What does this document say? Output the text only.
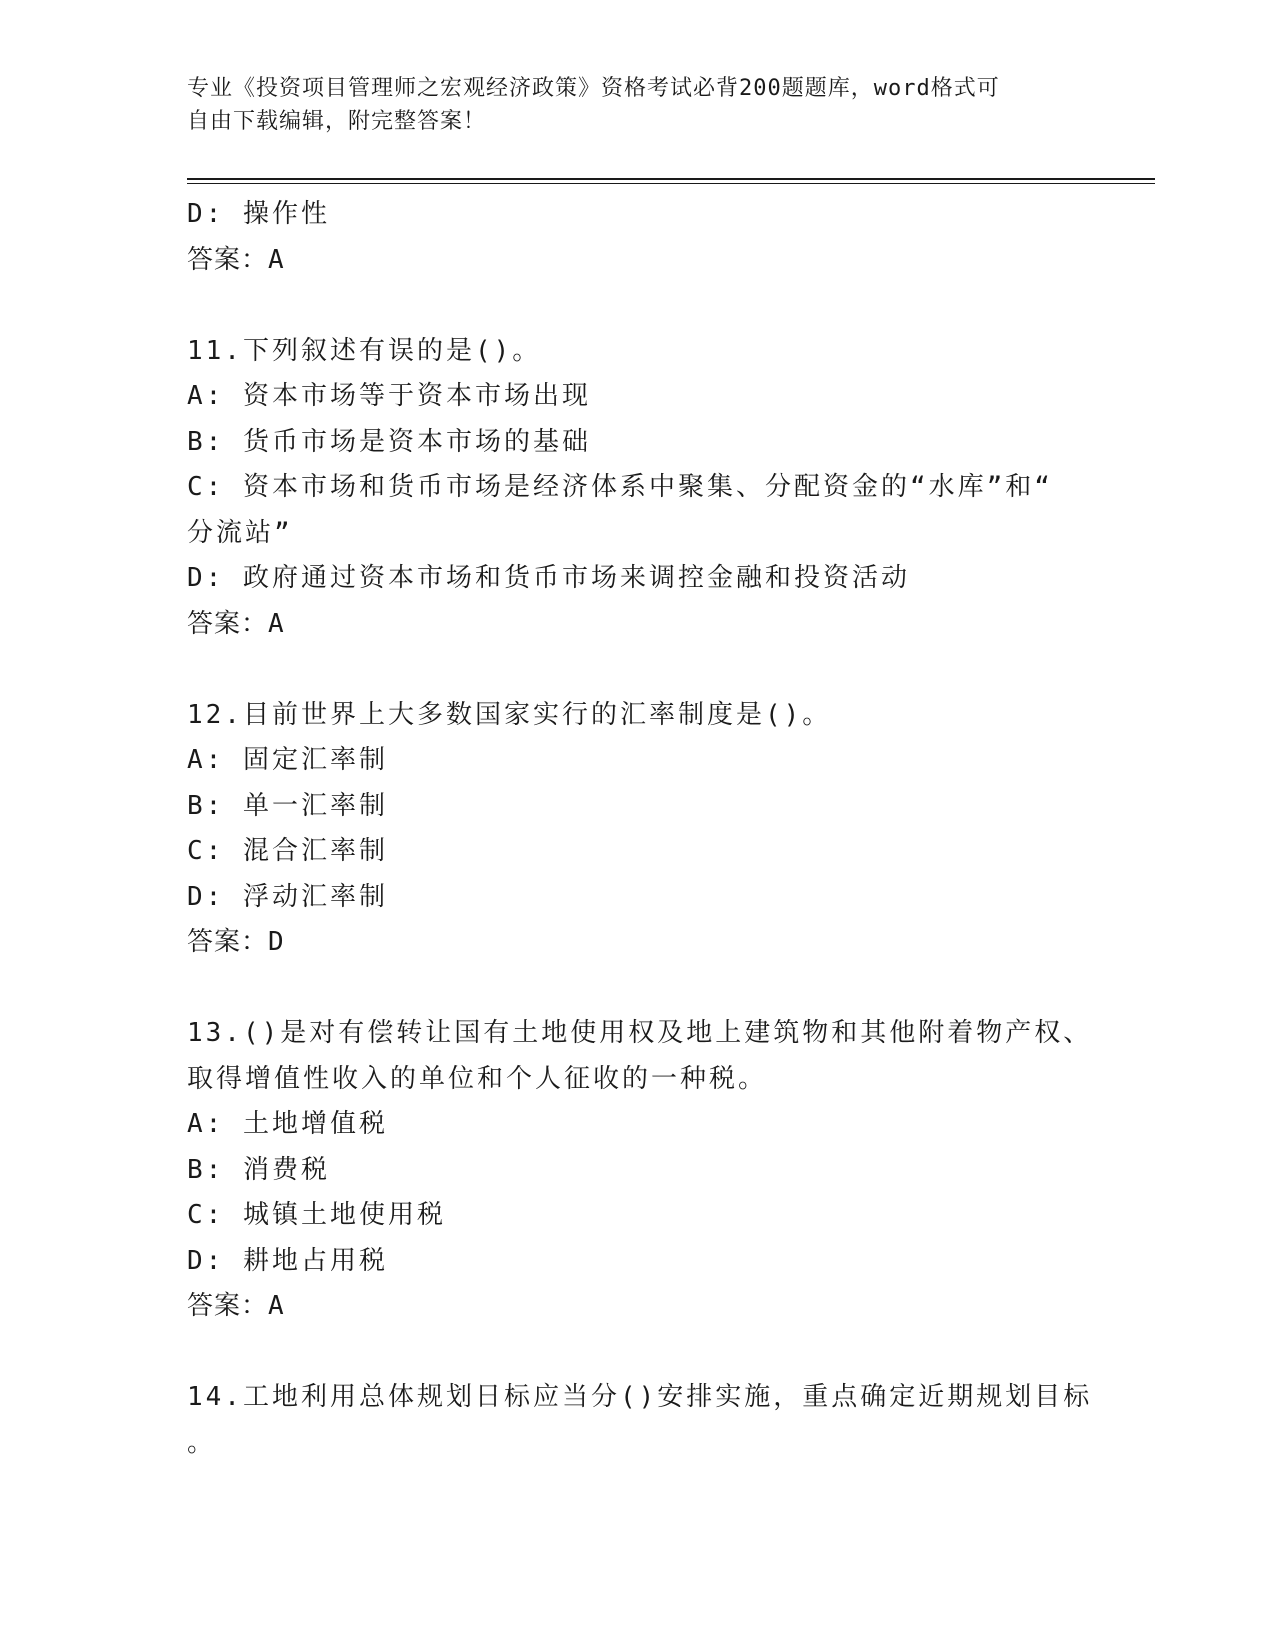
专业《投资项目管理师之宏观经济政策》资格考试必背200题题库，word格式可
自由下载编辑，附完整答案！
D: 操作性
答案：A
11.下列叙述有误的是()。
A: 资本市场等于资本市场出现
B: 货币市场是资本市场的基础
C: 资本市场和货币市场是经济体系中聚集、分配资金的“水库”和“
分流站”
D: 政府通过资本市场和货币市场来调控金融和投资活动
答案：A
12.目前世界上大多数国家实行的汇率制度是()。
A: 固定汇率制
B: 单一汇率制
C: 混合汇率制
D: 浮动汇率制
答案：D
13.()是对有偿转让国有土地使用权及地上建筑物和其他附着物产权、
取得增值性收入的单位和个人征收的一种税。
A: 土地增值税
B: 消费税
C: 城镇土地使用税
D: 耕地占用税
答案：A
14.工地利用总体规划日标应当分()安排实施，重点确定近期规划目标
。
